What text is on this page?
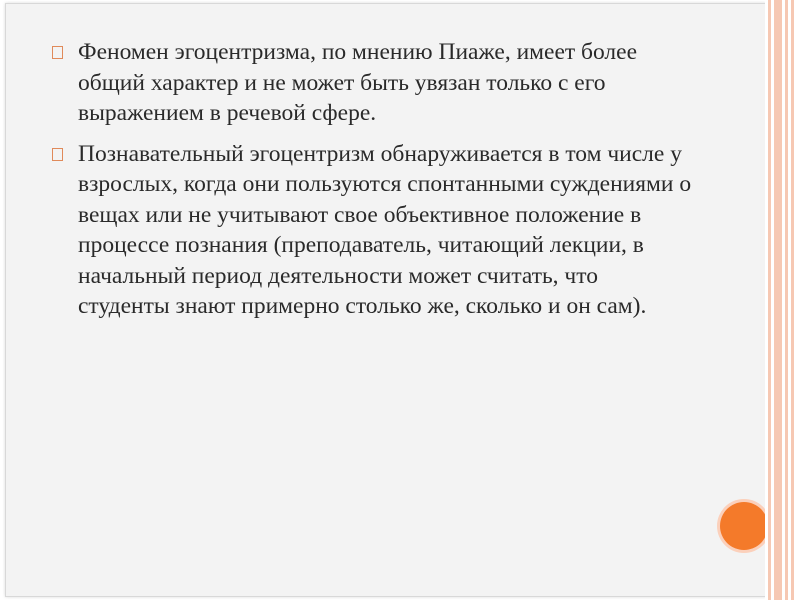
Феномен эгоцентризма, по мнению Пиаже, имеет более общий характер и не может быть увязан только с его выражением в речевой сфере.
Познавательный эгоцентризм обнаруживается в том числе у взрослых, когда они пользуются спонтанными суждениями о вещах или не учитывают свое объективное положение в процессе познания (преподаватель, читающий лекции, в начальный период деятельности может считать, что студенты знают примерно столько же, сколько и он сам).
